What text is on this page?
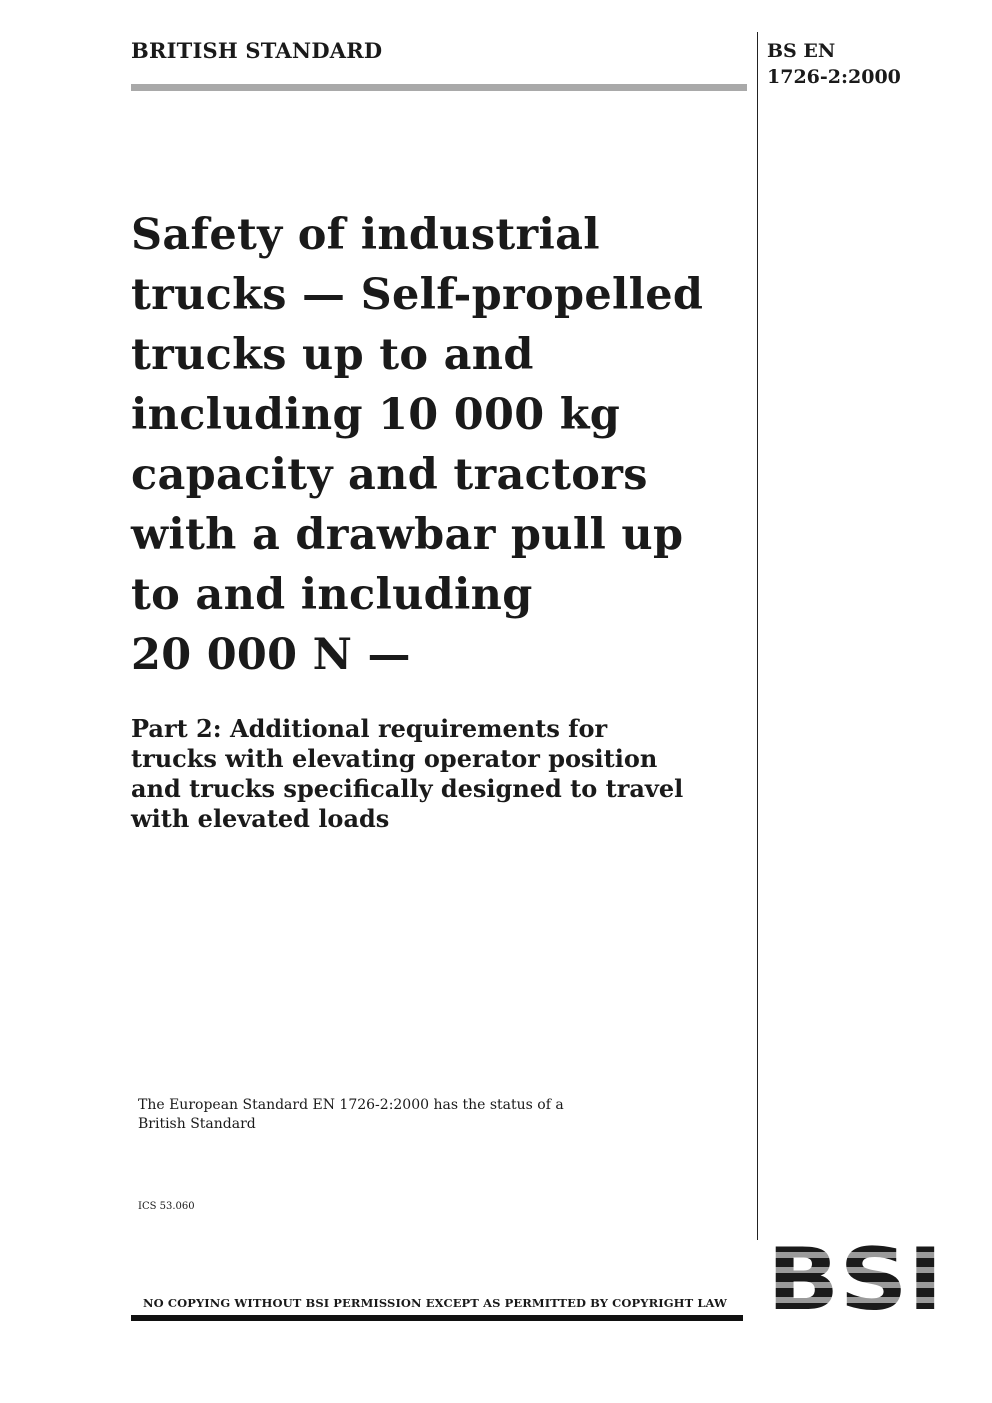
BRITISH STANDARD	BS EN
1726-2:2000
Safety of industrial
trucks — Self-propelled
trucks up to and
including 10 000 kg
capacity and tractors
with a drawbar pull up
to and including
20 000 N —
Part 2: Additional requirements for
trucks with elevating operator position
and trucks specifically designed to travel
with elevated loads
The European Standard EN 1726-2:2000 has the status of a
British Standard
ICS 53.060
NO COPYING WITHOUT BSI PERMISSION EXCEPT AS PERMITTED BY COPYRIGHT LAW
